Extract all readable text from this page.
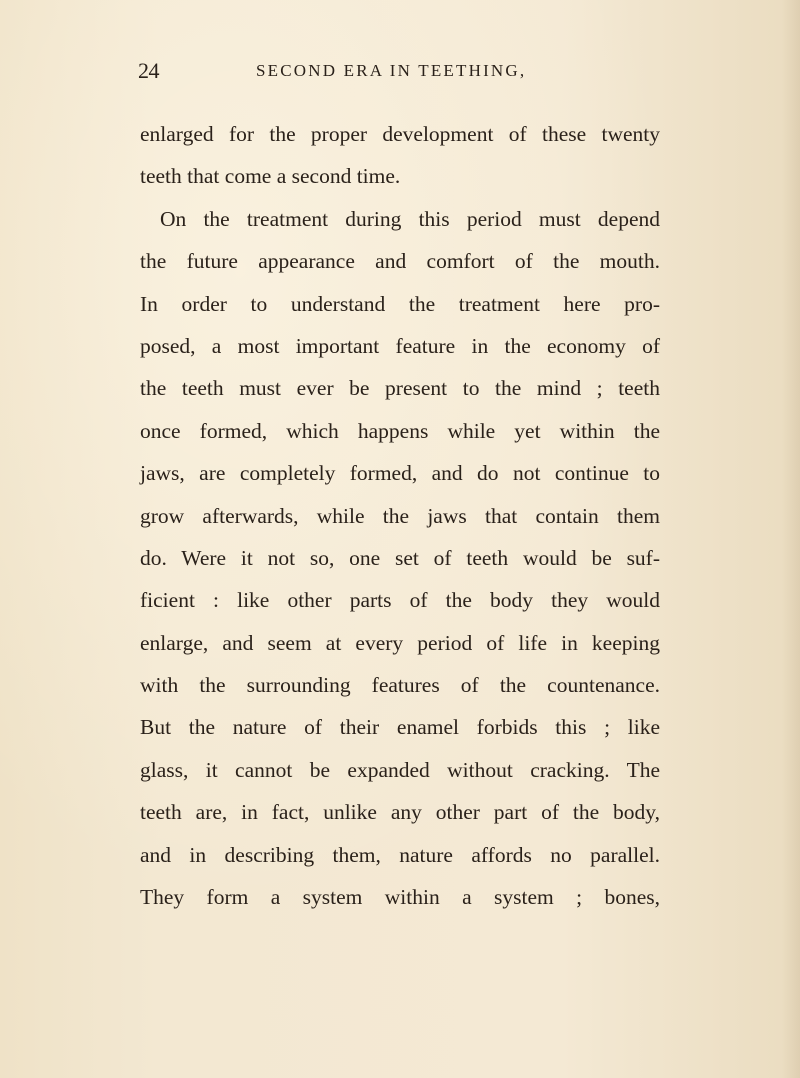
24	SECOND ERA IN TEETHING,
enlarged for the proper development of these twenty
teeth that come a second time.
On the treatment during this period must depend
the future appearance and comfort of the mouth.
In order to understand the treatment here pro-
posed, a most important feature in the economy of
the teeth must ever be present to the mind ; teeth
once formed, which happens while yet within the
jaws, are completely formed, and do not continue to
grow afterwards, while the jaws that contain them
do. Were it not so, one set of teeth would be suf-
ficient : like other parts of the body they would
enlarge, and seem at every period of life in keeping
with the surrounding features of the countenance.
But the nature of their enamel forbids this ; like
glass, it cannot be expanded without cracking. The
teeth are, in fact, unlike any other part of the body,
and in describing them, nature affords no parallel.
They form a system within a system ; bones,
